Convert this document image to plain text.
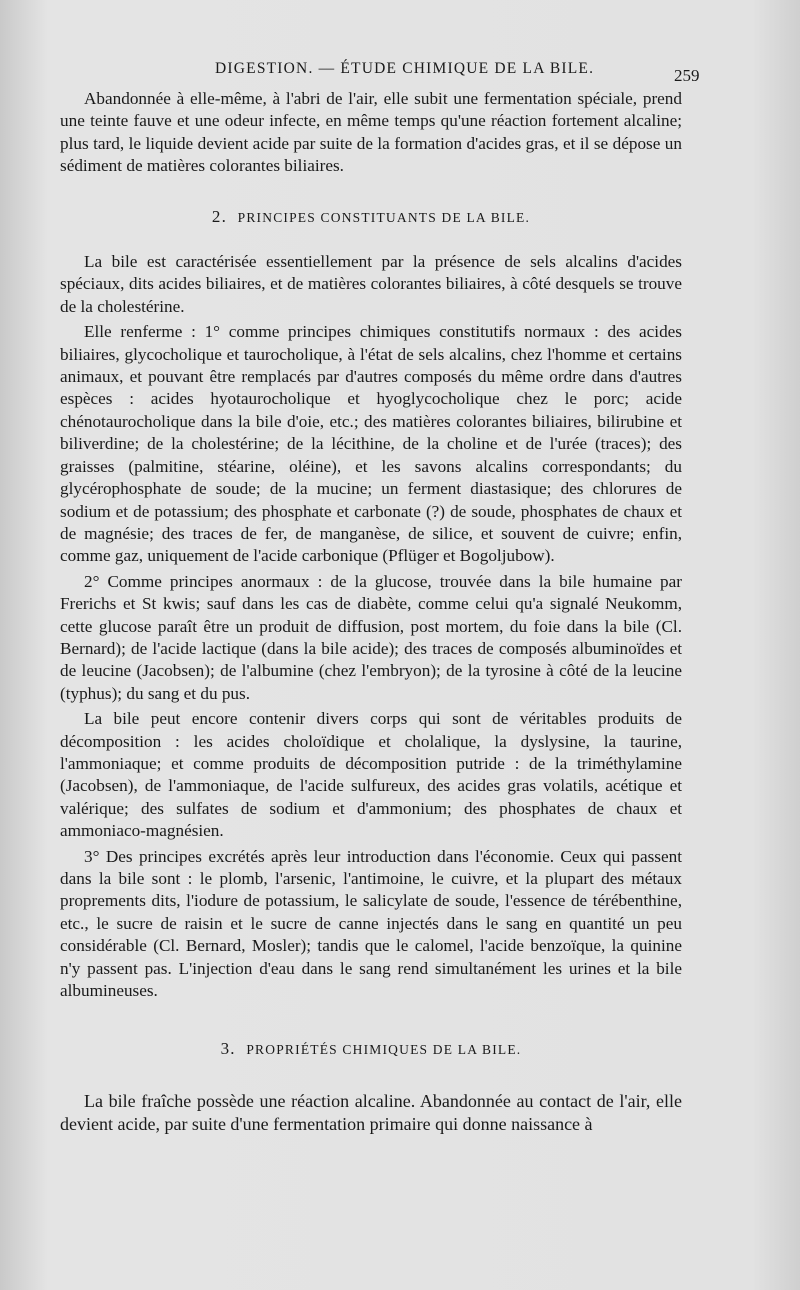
DIGESTION. — ÉTUDE CHIMIQUE DE LA BILE.	259

Abandonnée à elle-même, à l'abri de l'air, elle subit une fermentation spéciale, prend une teinte fauve et une odeur infecte, en même temps qu'une réaction fortement alcaline; plus tard, le liquide devient acide par suite de la formation d'acides gras, et il se dépose un sédiment de matières colorantes biliaires.

2. PRINCIPES CONSTITUANTS DE LA BILE.

La bile est caractérisée essentiellement par la présence de sels alcalins d'acides spéciaux, dits acides biliaires, et de matières colorantes biliaires, à côté desquels se trouve de la cholestérine.

Elle renferme : 1° comme principes chimiques constitutifs normaux : des acides biliaires, glycocholique et taurocholique, à l'état de sels alcalins, chez l'homme et certains animaux, et pouvant être remplacés par d'autres composés du même ordre dans d'autres espèces : acides hyotaurocholique et hyoglycocholique chez le porc; acide chénotaurocholique dans la bile d'oie, etc.; des matières colorantes biliaires, bilirubine et biliverdine; de la cholestérine; de la lécithine, de la choline et de l'urée (traces); des graisses (palmitine, stéarine, oléine), et les savons alcalins correspondants; du glycérophosphate de soude; de la mucine; un ferment diastasique; des chlorures de sodium et de potassium; des phosphate et carbonate (?) de soude, phosphates de chaux et de magnésie; des traces de fer, de manganèse, de silice, et souvent de cuivre; enfin, comme gaz, uniquement de l'acide carbonique (Pflüger et Bogoljubow).

2° Comme principes anormaux : de la glucose, trouvée dans la bile humaine par Frerichs et St kwis; sauf dans les cas de diabète, comme celui qu'a signalé Neukomm, cette glucose paraît être un produit de diffusion, post mortem, du foie dans la bile (Cl. Bernard); de l'acide lactique (dans la bile acide); des traces de composés albuminoïdes et de leucine (Jacobsen); de l'albumine (chez l'embryon); de la tyrosine à côté de la leucine (typhus); du sang et du pus.

La bile peut encore contenir divers corps qui sont de véritables produits de décomposition : les acides choloïdique et cholalique, la dyslysine, la taurine, l'ammoniaque; et comme produits de décomposition putride : de la triméthylamine (Jacobsen), de l'ammoniaque, de l'acide sulfureux, des acides gras volatils, acétique et valérique; des sulfates de sodium et d'ammonium; des phosphates de chaux et ammoniaco-magnésien.

3° Des principes excrétés après leur introduction dans l'économie. Ceux qui passent dans la bile sont : le plomb, l'arsenic, l'antimoine, le cuivre, et la plupart des métaux proprements dits, l'iodure de potassium, le salicylate de soude, l'essence de térébenthine, etc., le sucre de raisin et le sucre de canne injectés dans le sang en quantité un peu considérable (Cl. Bernard, Mosler); tandis que le calomel, l'acide benzoïque, la quinine n'y passent pas. L'injection d'eau dans le sang rend simultanément les urines et la bile albumineuses.

3. PROPRIÉTÉS CHIMIQUES DE LA BILE.

La bile fraîche possède une réaction alcaline. Abandonnée au contact de l'air, elle devient acide, par suite d'une fermentation primaire qui donne naissance à
